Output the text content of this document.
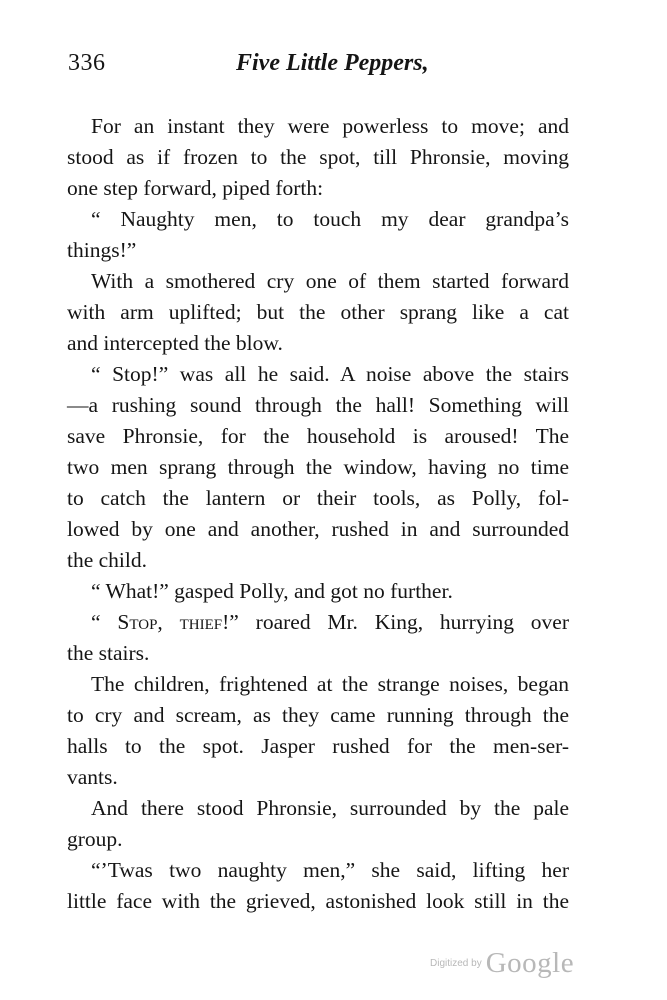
336	Five Little Peppers,
For an instant they were powerless to move; and
stood as if frozen to the spot, till Phronsie, moving
one step forward, piped forth:
“ Naughty men, to touch my dear grandpa’s
things!”
With a smothered cry one of them started forward
with arm uplifted; but the other sprang like a cat
and intercepted the blow.
“ Stop!” was all he said. A noise above the stairs
—a rushing sound through the hall! Something will
save Phronsie, for the household is aroused! The
two men sprang through the window, having no time
to catch the lantern or their tools, as Polly, fol-
lowed by one and another, rushed in and surrounded
the child.
“ What!” gasped Polly, and got no further.
“ Stop, thief!” roared Mr. King, hurrying over
the stairs.
The children, frightened at the strange noises, began
to cry and scream, as they came running through the
halls to the spot. Jasper rushed for the men-ser-
vants.
And there stood Phronsie, surrounded by the pale
group.
“’Twas two naughty men,” she said, lifting her
little face with the grieved, astonished look still in the
Digitized by Google
